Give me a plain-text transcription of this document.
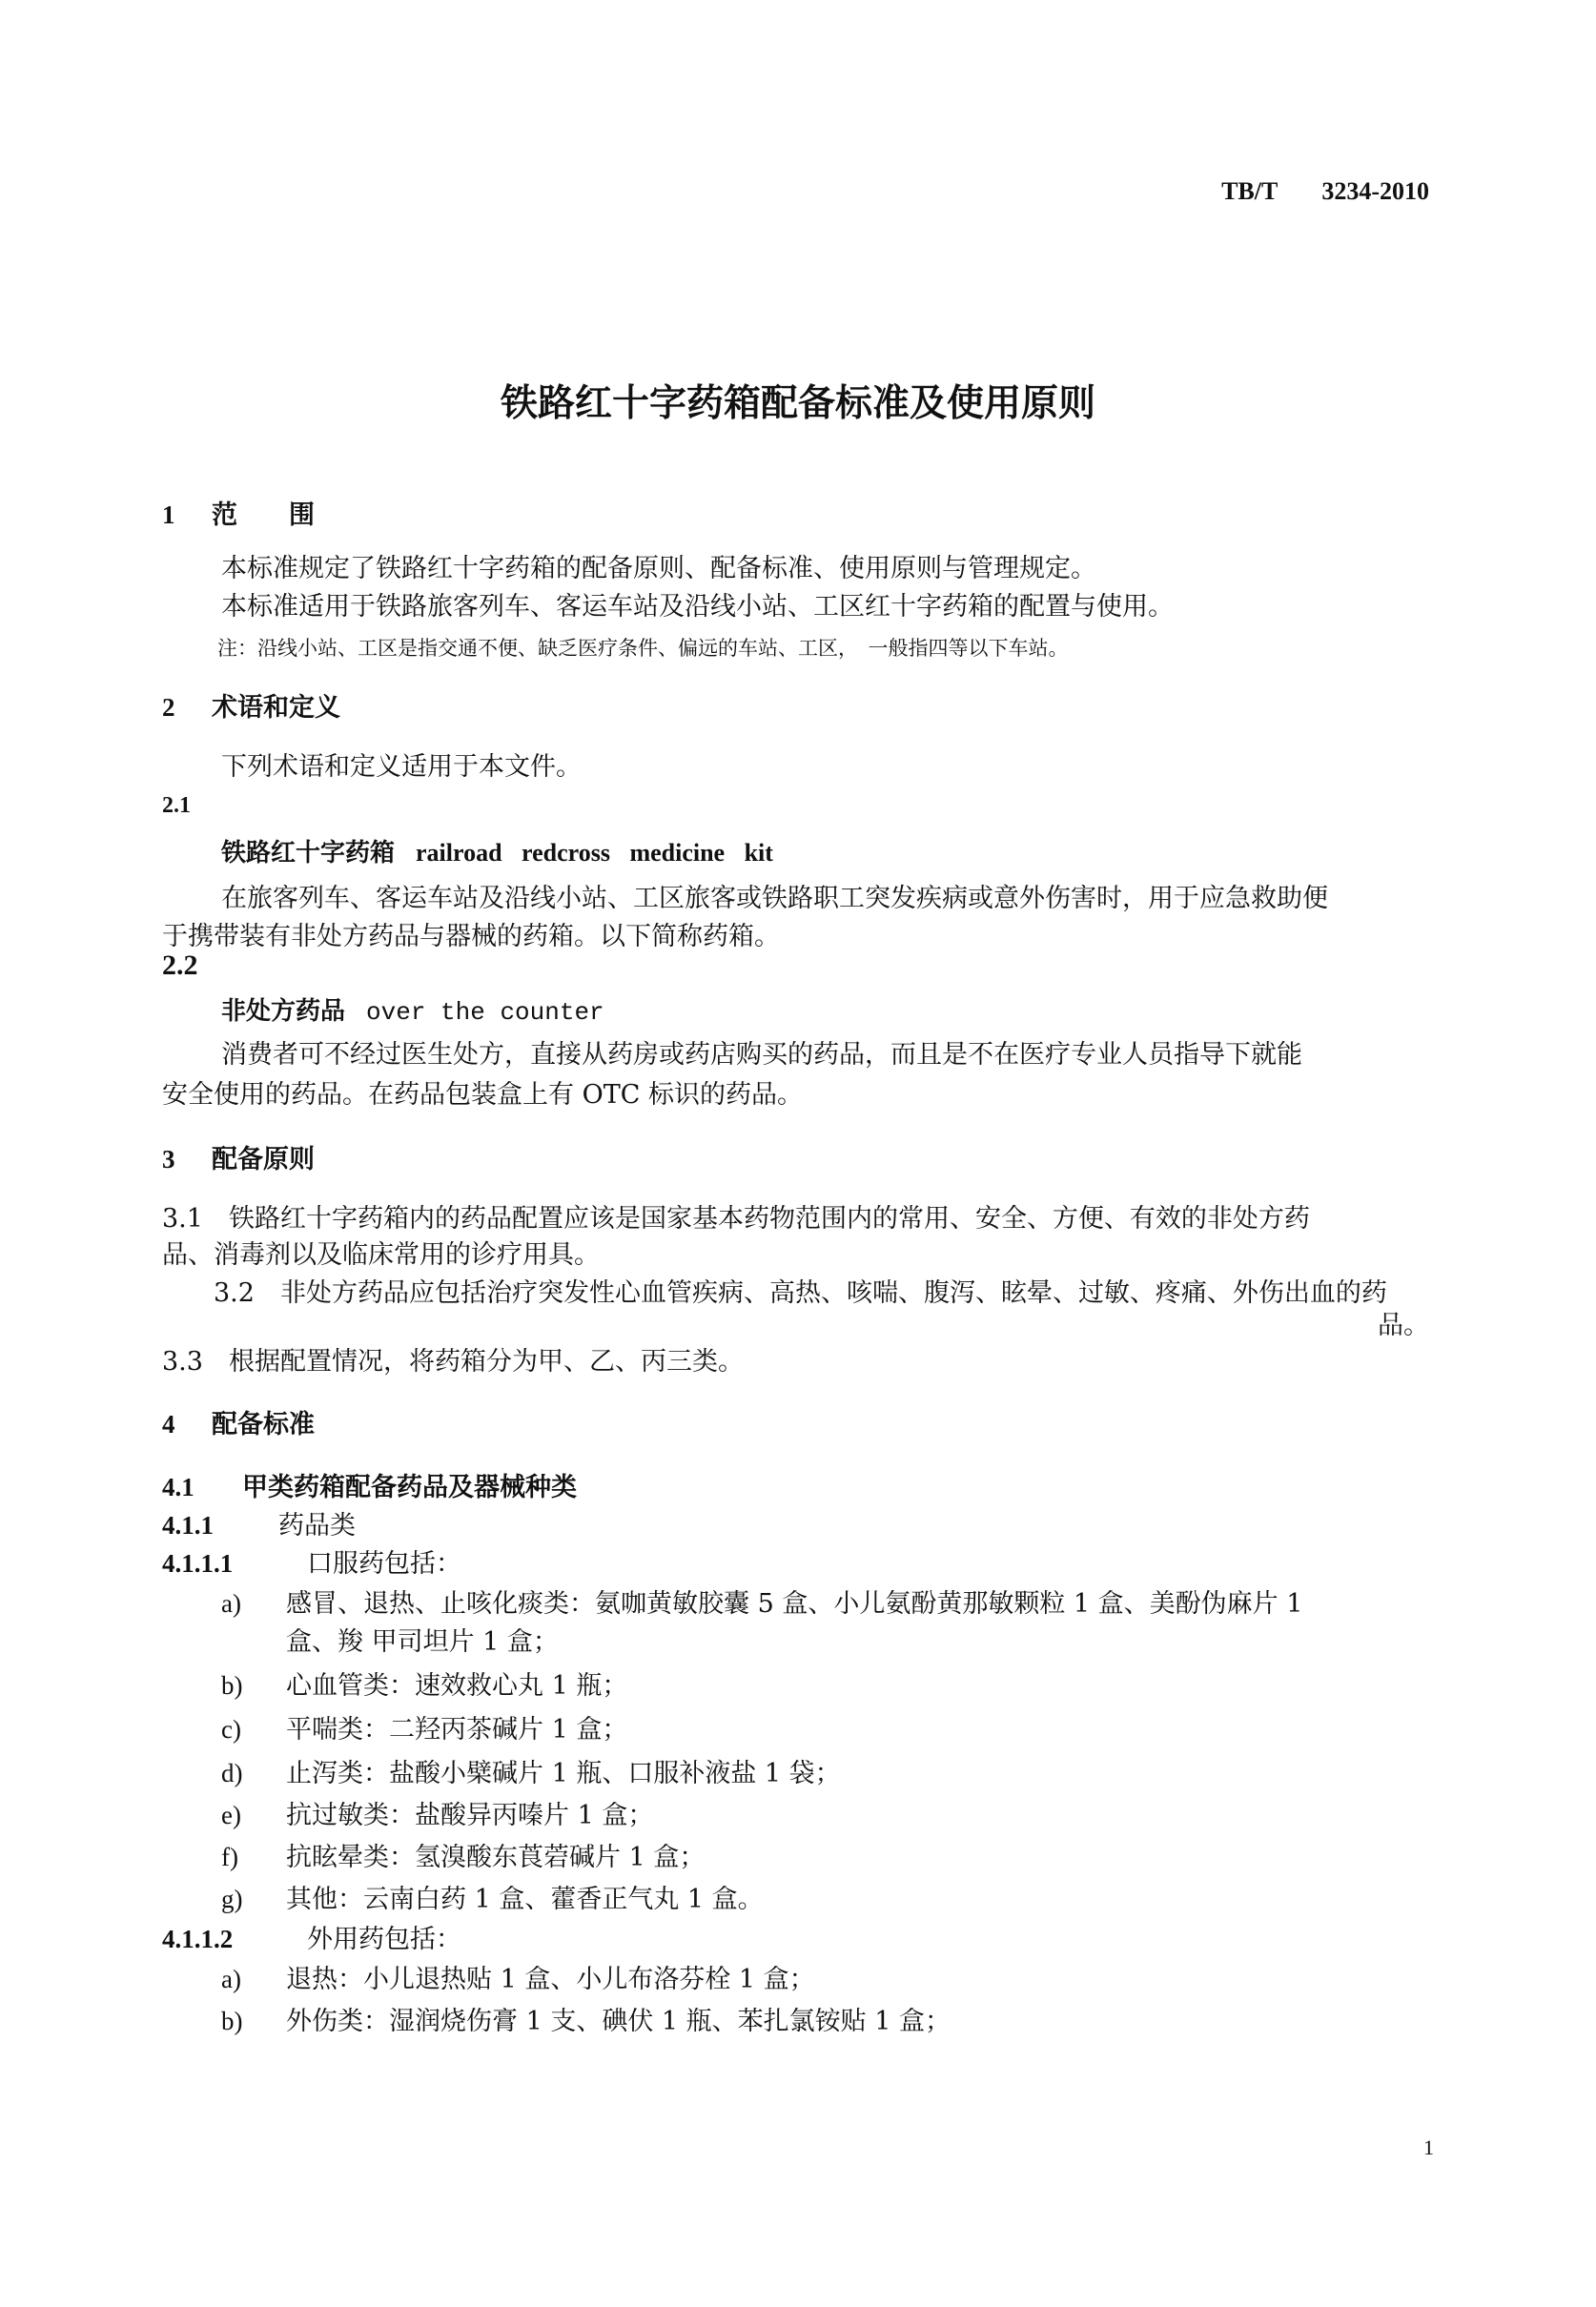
TB/T 3234-2010
铁路红十字药箱配备标准及使用原则
1 范　　围
本标准规定了铁路红十字药箱的配备原则、配备标准、使用原则与管理规定。
本标准适用于铁路旅客列车、客运车站及沿线小站、工区红十字药箱的配置与使用。
注：沿线小站、工区是指交通不便、缺乏医疗条件、偏远的车站、工区，　一般指四等以下车站。
2 术语和定义
下列术语和定义适用于本文件。
2.1
铁路红十字药箱 railroad redcross medicine kit
在旅客列车、客运车站及沿线小站、工区旅客或铁路职工突发疾病或意外伤害时，用于应急救助便
于携带装有非处方药品与器械的药箱。以下简称药箱。
2.2
非处方药品 over the counter
消费者可不经过医生处方，直接从药房或药店购买的药品，而且是不在医疗专业人员指导下就能
安全使用的药品。在药品包装盒上有 OTC 标识的药品。
3 配备原则
3.1　铁路红十字药箱内的药品配置应该是国家基本药物范围内的常用、安全、方便、有效的非处方药
品、消毒剂以及临床常用的诊疗用具。
3.2　非处方药品应包括治疗突发性心血管疾病、高热、咳喘、腹泻、眩晕、过敏、疼痛、外伤出血的药
品。
3.3　根据配置情况，将药箱分为甲、乙、丙三类。
4 配备标准
4.1 甲类药箱配备药品及器械种类
4.1.1	药品类
4.1.1.1	口服药包括：
a) 感冒、退热、止咳化痰类：氨咖黄敏胶囊 5 盒、小儿氨酚黄那敏颗粒 1 盒、美酚伪麻片 1
盒、羧 甲司坦片 1 盒；
b) 心血管类：速效救心丸 1 瓶；
c) 平喘类：二羟丙茶碱片 1 盒；
d) 止泻类：盐酸小檗碱片 1 瓶、口服补液盐 1 袋；
e) 抗过敏类：盐酸异丙嗪片 1 盒；
f) 抗眩晕类：氢溴酸东莨菪碱片 1 盒；
g) 其他：云南白药 1 盒、藿香正气丸 1 盒。
4.1.1.2	外用药包括：
a) 退热：小儿退热贴 1 盒、小儿布洛芬栓 1 盒；
b) 外伤类：湿润烧伤膏 1 支、碘伏 1 瓶、苯扎氯铵贴 1 盒；
1
